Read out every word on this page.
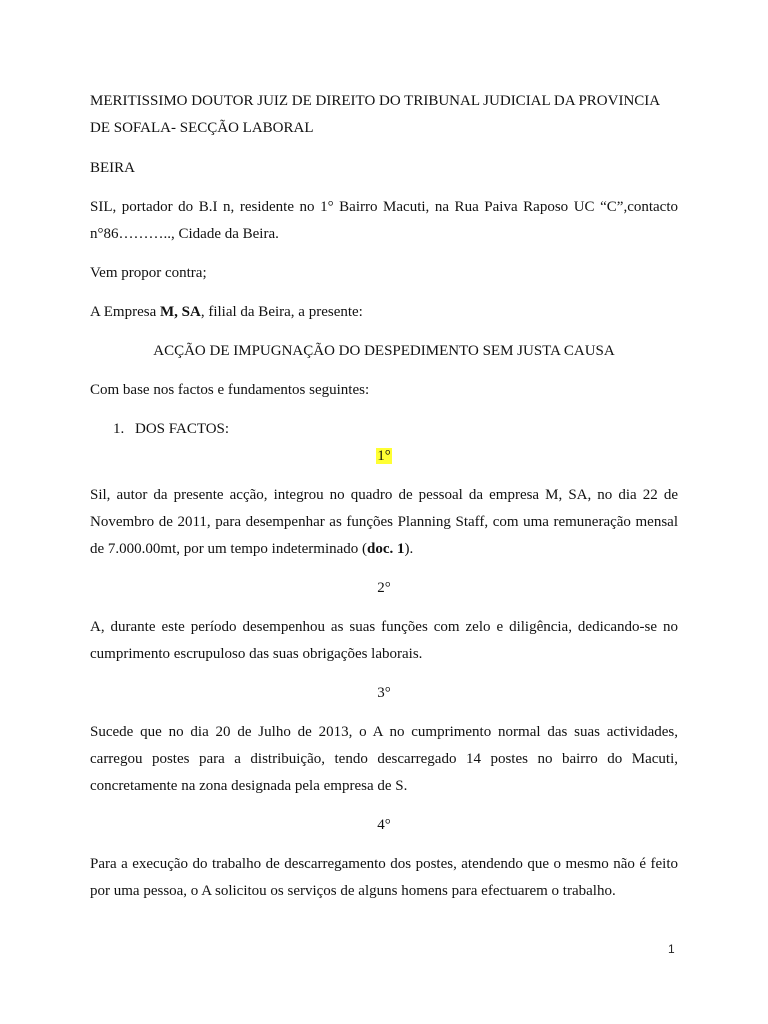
MERITISSIMO DOUTOR JUIZ DE DIREITO DO TRIBUNAL JUDICIAL DA PROVINCIA DE SOFALA- SECÇÃO LABORAL

BEIRA

SIL, portador do B.I n, residente no 1° Bairro Macuti, na Rua Paiva Raposo UC “C”,contacto n°86……….., Cidade da Beira.

Vem propor contra;

A Empresa M, SA, filial da Beira, a presente:

ACÇÃO DE IMPUGNAÇÃO DO DESPEDIMENTO SEM JUSTA CAUSA

Com base nos factos e fundamentos seguintes:

1. DOS FACTOS:
1°

Sil, autor da presente acção, integrou no quadro de pessoal da empresa M, SA, no dia 22 de Novembro de 2011, para desempenhar as funções Planning Staff, com uma remuneração mensal de 7.000.00mt, por um tempo indeterminado (doc. 1).

2°

A, durante este período desempenhou as suas funções com zelo e diligência, dedicando-se no cumprimento escrupuloso das suas obrigações laborais.

3°

Sucede que no dia 20 de Julho de 2013, o A no cumprimento normal das suas actividades, carregou postes para a distribuição, tendo descarregado 14 postes no bairro do Macuti, concretamente na zona designada pela empresa de S.

4°

Para a execução do trabalho de descarregamento dos postes, atendendo que o mesmo não é feito por uma pessoa, o A solicitou os serviços de alguns homens para efectuarem o trabalho.

1
